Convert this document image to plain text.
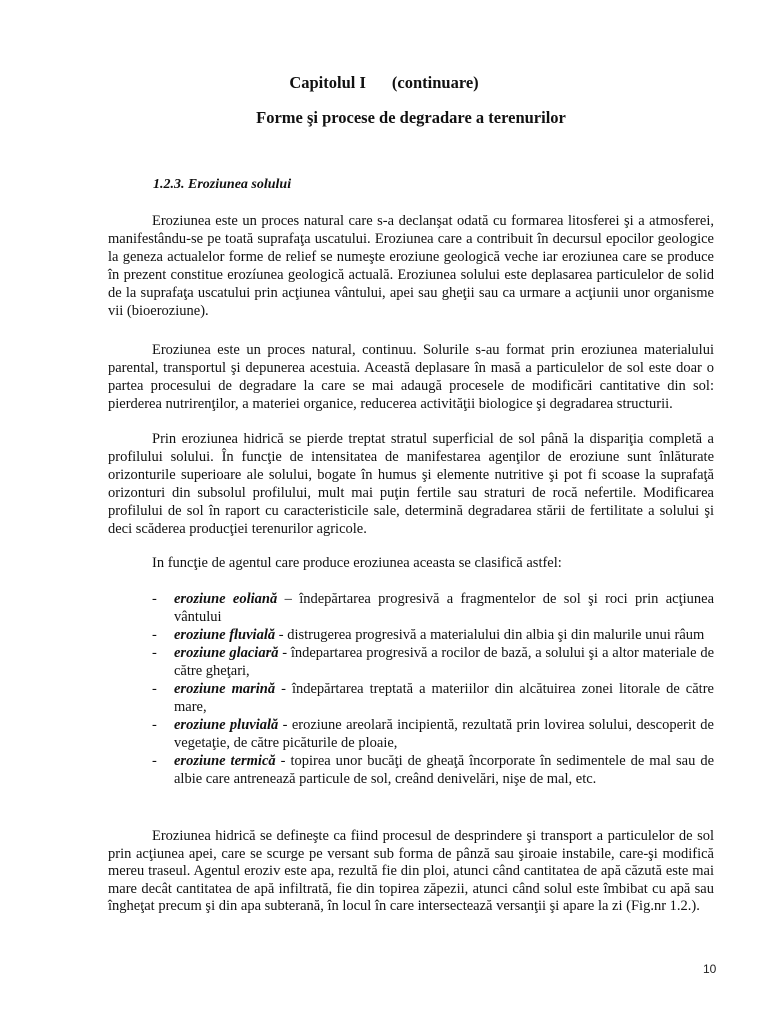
Capitolul I (continuare)
Forme şi procese de degradare a terenurilor
1.2.3. Eroziunea solului

Eroziunea este un proces natural care s-a declanşat odată cu formarea litosferei şi a atmosferei, manifestându-se pe toată suprafaţa uscatului. Eroziunea care a contribuit în decursul epocilor geologice la geneza actualelor forme de relief se numeşte eroziune geologică veche iar eroziunea care se produce în prezent constitue erozíunea geologică actuală. Eroziunea solului este deplasarea particulelor de solid de la suprafaţa uscatului prin acţiunea vântului, apei sau gheţii sau ca urmare a acţiunii unor organisme vii (bioeroziune).

Eroziunea este un proces natural, continuu. Solurile s-au format prin eroziunea materialului parental, transportul şi depunerea acestuia. Această deplasare în masă a particulelor de sol este doar o partea procesului de degradare la care se mai adaugă procesele de modificări cantitative din sol: pierderea nutrirenţilor, a materiei organice, reducerea activităţii biologice şi degradarea structurii.

Prin eroziunea hidrică se pierde treptat stratul superficial de sol până la dispariţia completă a profilului solului. În funcţie de intensitatea de manifestarea agenţilor de eroziune sunt înlăturate orizonturile superioare ale solului, bogate în humus şi elemente nutritive şi pot fi scoase la suprafaţă orizonturi din subsolul profilului, mult mai puţin fertile sau straturi de rocă nefertile. Modificarea profilului de sol în raport cu caracteristicile sale, determină degradarea stării de fertilitate a solului şi deci scăderea producţiei terenurilor agricole.

In funcţie de agentul care produce eroziunea aceasta se clasifică astfel:

- eroziune eoliană – îndepărtarea progresivă a fragmentelor de sol şi roci prin acţiunea vântului
- eroziune fluvială - distrugerea progresivă a materialului din albia şi din malurile unui râum
- eroziune glaciară - îndepartarea progresivă a rocilor de bază, a solului şi a altor materiale de către gheţari,
- eroziune marină - îndepărtarea treptată a materiilor din alcătuirea zonei litorale de către mare,
- eroziune pluvială - eroziune areolară incipientă, rezultată prin lovirea solului, descoperit de vegetaţie, de către picăturile de ploaie,
- eroziune termică - topirea unor bucăţi de gheaţă încorporate în sedimentele de mal sau de albie care antrenează particule de sol, creând denivelări, nişe de mal, etc.

Eroziunea hidrică se defineşte ca fiind procesul de desprindere şi transport a particulelor de sol prin acţiunea apei, care se scurge pe versant sub forma de pânză sau şiroaie instabile, care-şi modifică mereu traseul. Agentul eroziv este apa, rezultă fie din ploi, atunci când cantitatea de apă căzută este mai mare decât cantitatea de apă infiltrată, fie din topirea zăpezii, atunci când solul este îmbibat cu apă sau îngheţat precum şi din apa subterană, în locul în care intersectează versanţii şi apare la zi (Fig.nr 1.2.).

10
